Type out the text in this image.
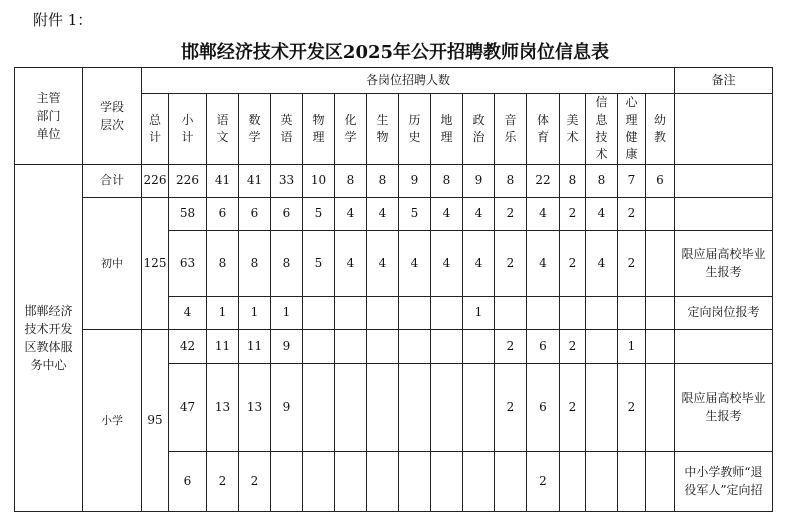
附件 1：
邯郸经济技术开发区2025年公开招聘教师岗位信息表
主管部门单位	学段层次	各岗位招聘人数																	备注
		总计	小计	语文	数学	英语	物理	化学	生物	历史	地理	政治	音乐	体育	美术	信息技术	心理健康	幼教	
邯郸经济技术开发区教体服务中心	合计	226	226	41	41	33	10	8	8	9	8	9	8	22	8	8	7	6	
	初中	125	58	6	6	6	5	4	4	5	4	4	2	4	2	4	2		
			63	8	8	8	5	4	4	4	4	4	2	4	2	4	2		限应届高校毕业生报考
			4	1	1	1						1							定向岗位报考
	小学	95	42	11	11	9							2	6	2		1		
			47	13	13	9							2	6	2		2		限应届高校毕业生报考
			6	2	2									2					中小学教师“退役军人”定向招
